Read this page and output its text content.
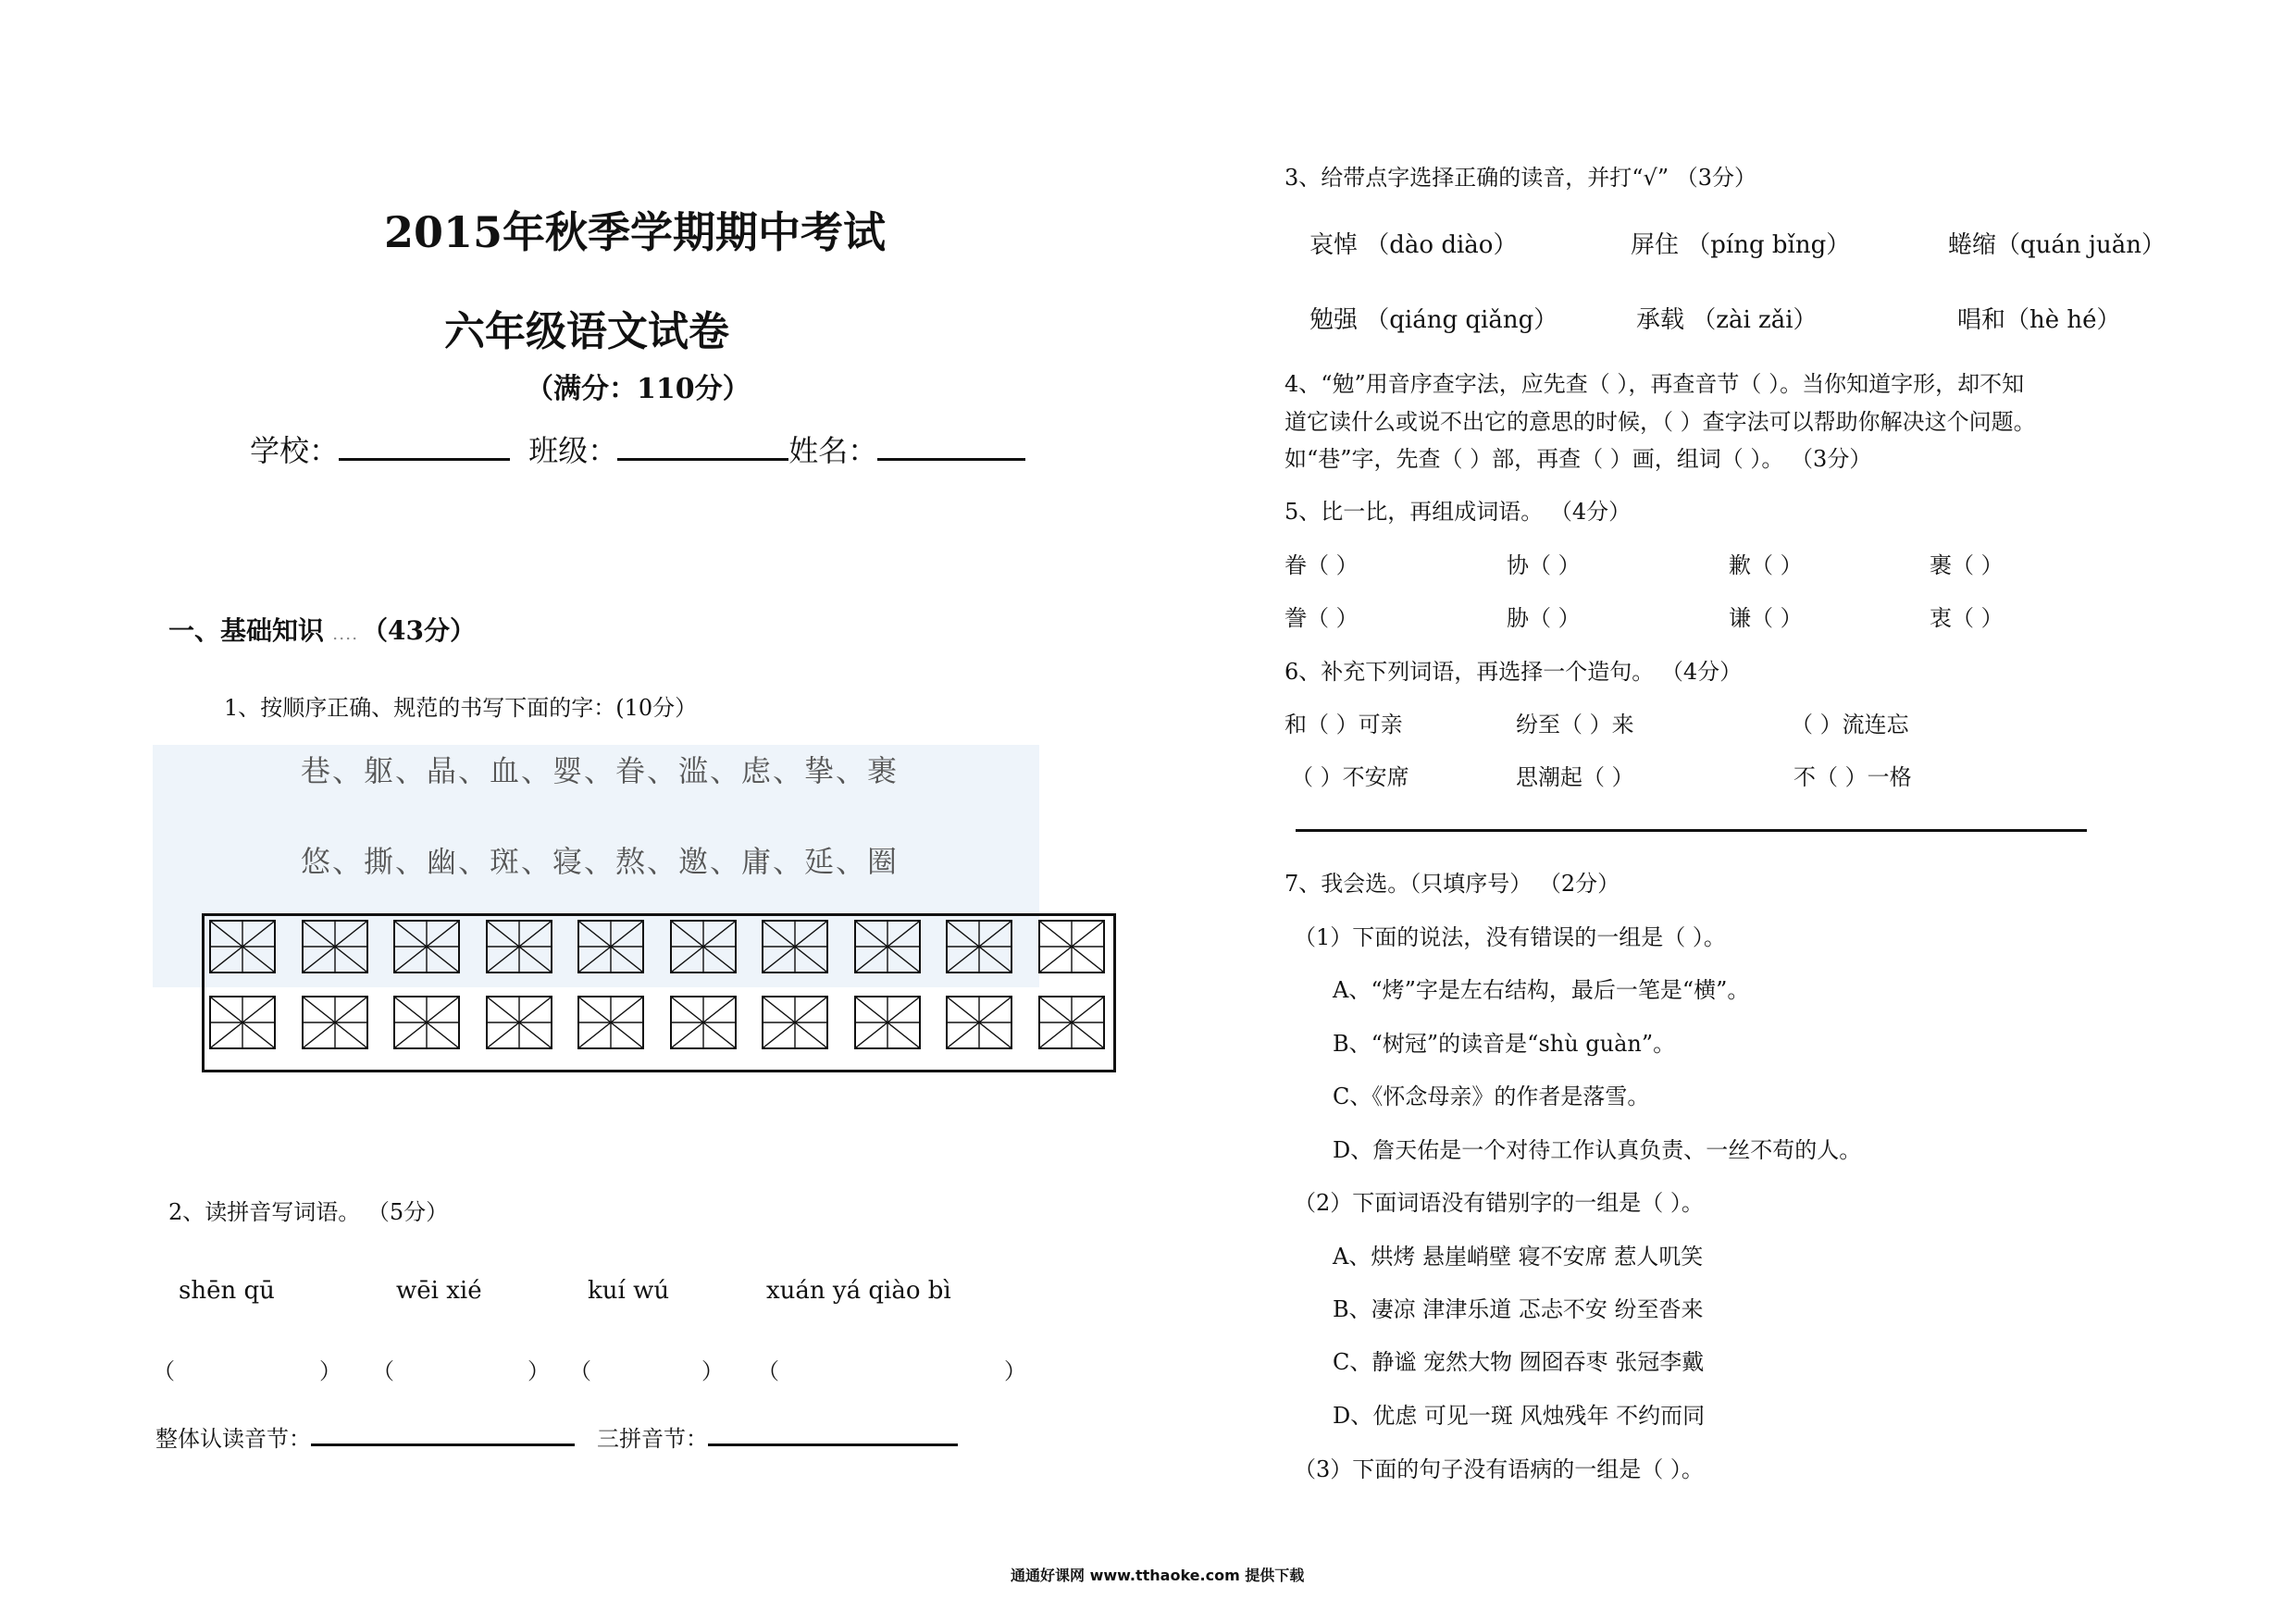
2015年秋季学期期中考试
六年级语文试卷
（满分：110分）
学校：	班级：	姓名：
一、基础知识 ．．．． （43分）
1、按顺序正确、规范的书写下面的字：(10分）
巷、躯、晶、血、婴、眷、滥、虑、挚、裹
悠、撕、幽、斑、寝、熬、邀、庸、延、圈
2、读拼音写词语。 （5分）
shēn qū	wēi xié	kuí wú	xuán yá qiào bì
（	） （	） （	） （	）
整体认读音节：	三拼音节：
3、给带点字选择正确的读音，并打“√” （3分）
哀悼 （dào diào）	屏住 （píng bǐng）	蜷缩（quán juǎn）
勉强 （qiáng qiǎng）	承载 （zài zǎi）	唱和（hè hé）
4、“勉”用音序查字法，应先查（ ），再查音节（ ）。当你知道字形，却不知
道它读什么或说不出它的意思的时候，（ ）查字法可以帮助你解决这个问题。
如“巷”字，先查（ ）部，再查（ ）画，组词（ ）。 （3分）
5、比一比，再组成词语。 （4分）
眷（ ）	协（ ）	歉（ ）	裹（ ）
誊（ ）	胁（ ）	谦（ ）	衷（ ）
6、补充下列词语，再选择一个造句。 （4分）
和（ ）可亲	纷至（ ）来	（ ）流连忘
（ ）不安席	思潮起（ ）	不（ ）一格
7、我会选。（只填序号） （2分）
（1）下面的说法，没有错误的一组是（ ）。
A、“烤”字是左右结构，最后一笔是“横”。
B、“树冠”的读音是“shù guàn”。
C、《怀念母亲》的作者是落雪。
D、詹天佑是一个对待工作认真负责、一丝不苟的人。
（2）下面词语没有错别字的一组是（ ）。
A、烘烤 悬崖峭壁 寝不安席 惹人叽笑
B、凄凉 津津乐道 忑忐不安 纷至沓来
C、静谧 宠然大物 囫囵吞枣 张冠李戴
D、优虑 可见一斑 风烛残年 不约而同
（3）下面的句子没有语病的一组是（ ）。
通通好课网 www.tthaoke.com 提供下载
